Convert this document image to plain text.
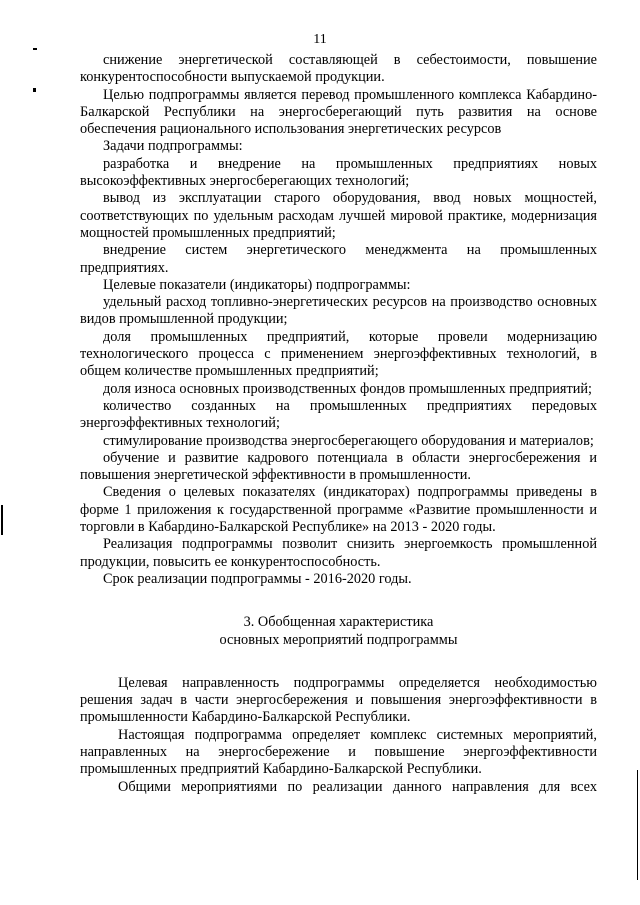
11

снижение энергетической составляющей в себестоимости, повышение конкурентоспособности выпускаемой продукции.

Целью подпрограммы является перевод промышленного комплекса Кабардино-Балкарской Республики на энергосберегающий путь развития на основе обеспечения рационального использования энергетических ресурсов

Задачи подпрограммы:

разработка и внедрение на промышленных предприятиях новых высокоэффективных энергосберегающих технологий;

вывод из эксплуатации старого оборудования, ввод новых мощностей, соответствующих по удельным расходам лучшей мировой практике, модернизация мощностей промышленных предприятий;

внедрение систем энергетического менеджмента на промышленных предприятиях.

Целевые показатели (индикаторы) подпрограммы:

удельный расход топливно-энергетических ресурсов на производство основных видов промышленной продукции;

доля промышленных предприятий, которые провели модернизацию технологического процесса с применением энергоэффективных технологий, в общем количестве промышленных предприятий;

доля износа основных производственных фондов промышленных предприятий;

количество созданных на промышленных предприятиях передовых энергоэффективных технологий;

стимулирование производства энергосберегающего оборудования и материалов;

обучение и развитие кадрового потенциала в области энергосбережения и повышения энергетической эффективности в промышленности.

Сведения о целевых показателях (индикаторах) подпрограммы приведены в форме 1 приложения к государственной программе «Развитие промышленности и торговли в Кабардино-Балкарской Республике» на 2013 - 2020 годы.

Реализация подпрограммы позволит снизить энергоемкость промышленной продукции, повысить ее конкурентоспособность.

Срок реализации подпрограммы - 2016-2020 годы.

3. Обобщенная характеристика
основных мероприятий подпрограммы

Целевая направленность подпрограммы определяется необходимостью решения задач в части энергосбережения и повышения энергоэффективности в промышленности Кабардино-Балкарской Республики.

Настоящая подпрограмма определяет комплекс системных мероприятий, направленных на энергосбережение и повышение энергоэффективности промышленных предприятий Кабардино-Балкарской Республики.

Общими мероприятиями по реализации данного направления для всех
